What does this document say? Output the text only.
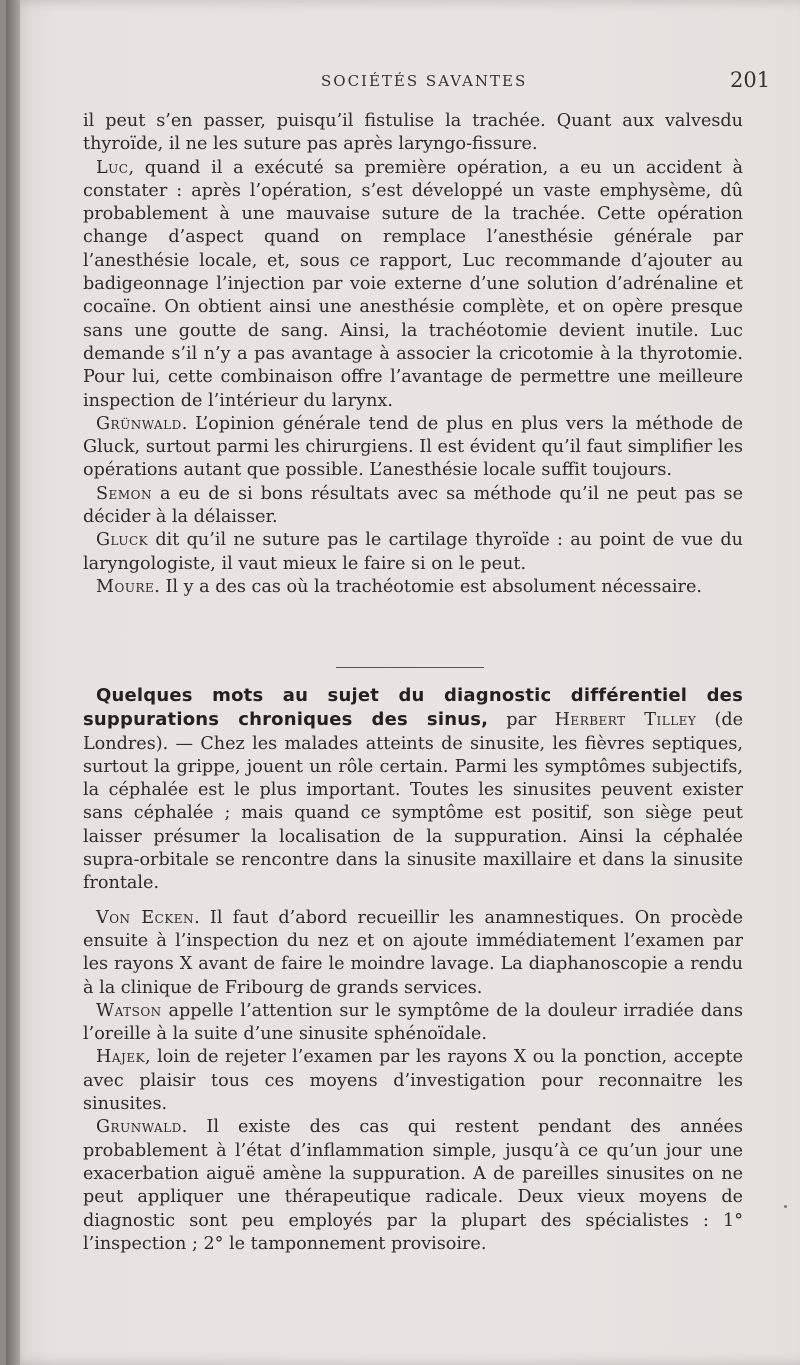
SOCIÉTÉS SAVANTES	201

il peut s’en passer, puisqu’il fistulise la trachée. Quant aux valvesdu thyroïde, il ne les suture pas après laryngo-fissure.

Luc, quand il a exécuté sa première opération, a eu un accident à constater : après l’opération, s’est développé un vaste emphysème, dû probablement à une mauvaise suture de la trachée. Cette opération change d’aspect quand on remplace l’anesthésie générale par l’anesthésie locale, et, sous ce rapport, Luc recommande d’ajouter au badigeonnage l’injection par voie externe d’une solution d’adrénaline et cocaïne. On obtient ainsi une anesthésie complète, et on opère presque sans une goutte de sang. Ainsi, la trachéotomie devient inutile. Luc demande s’il n’y a pas avantage à associer la cricotomie à la thyrotomie. Pour lui, cette combinaison offre l’avantage de permettre une meilleure inspection de l’intérieur du larynx.

Grünwald. L’opinion générale tend de plus en plus vers la méthode de Gluck, surtout parmi les chirurgiens. Il est évident qu’il faut simplifier les opérations autant que possible. L’anesthésie locale suffit toujours.

Semon a eu de si bons résultats avec sa méthode qu’il ne peut pas se décider à la délaisser.

Gluck dit qu’il ne suture pas le cartilage thyroïde : au point de vue du laryngologiste, il vaut mieux le faire si on le peut.

Moure. Il y a des cas où la trachéotomie est absolument nécessaire.

Quelques mots au sujet du diagnostic différentiel des suppurations chroniques des sinus, par Herbert Tilley (de Londres). — Chez les malades atteints de sinusite, les fièvres septiques, surtout la grippe, jouent un rôle certain. Parmi les symptômes subjectifs, la céphalée est le plus important. Toutes les sinusites peuvent exister sans céphalée ; mais quand ce symptôme est positif, son siège peut laisser présumer la localisation de la suppuration. Ainsi la céphalée supra-orbitale se rencontre dans la sinusite maxillaire et dans la sinusite frontale.

Von Ecken. Il faut d’abord recueillir les anamnestiques. On procède ensuite à l’inspection du nez et on ajoute immédiatement l’examen par les rayons X avant de faire le moindre lavage. La diaphanoscopie a rendu à la clinique de Fribourg de grands services.

Watson appelle l’attention sur le symptôme de la douleur irradiée dans l’oreille à la suite d’une sinusite sphénoïdale.

Hajek, loin de rejeter l’examen par les rayons X ou la ponction, accepte avec plaisir tous ces moyens d’investigation pour reconnaitre les sinusites.

Grunwald. Il existe des cas qui restent pendant des années probablement à l’état d’inflammation simple, jusqu’à ce qu’un jour une exacerbation aiguë amène la suppuration. A de pareilles sinusites on ne peut appliquer une thérapeutique radicale. Deux vieux moyens de diagnostic sont peu employés par la plupart des spécialistes : 1° l’inspection ; 2° le tamponnement provisoire.
